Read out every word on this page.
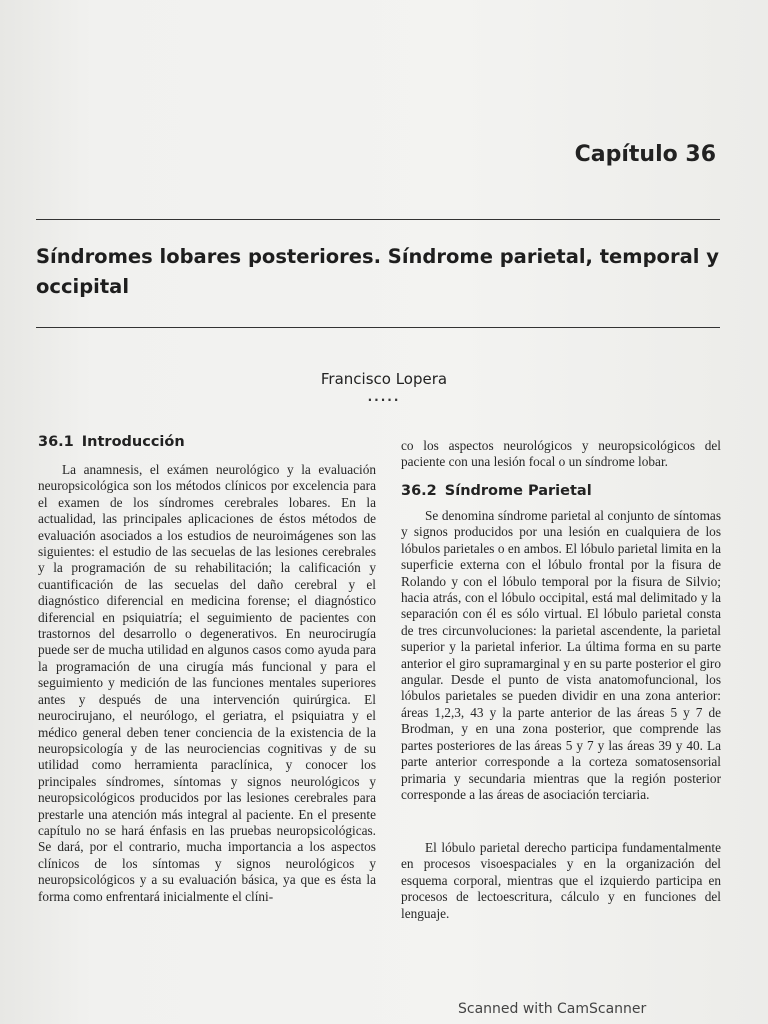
Capítulo 36
Síndromes lobares posteriores. Síndrome parietal, temporal y occipital
Francisco Lopera
.....
36.1 Introducción

La anamnesis, el exámen neurológico y la evaluación neuropsicológica son los métodos clínicos por excelencia para el examen de los síndromes cerebrales lobares. En la actualidad, las principales aplicaciones de éstos métodos de evaluación asociados a los estudios de neuroimágenes son las siguientes: el estudio de las secuelas de las lesiones cerebrales y la programación de su rehabilitación; la calificación y cuantificación de las secuelas del daño cerebral y el diagnóstico diferencial en medicina forense; el diagnóstico diferencial en psiquiatría; el seguimiento de pacientes con trastornos del desarrollo o degenerativos. En neurocirugía puede ser de mucha utilidad en algunos casos como ayuda para la programación de una cirugía más funcional y para el seguimiento y medición de las funciones mentales superiores antes y después de una intervención quirúrgica. El neurocirujano, el neurólogo, el geriatra, el psiquiatra y el médico general deben tener conciencia de la existencia de la neuropsicología y de las neurociencias cognitivas y de su utilidad como herramienta paraclínica, y conocer los principales síndromes, síntomas y signos neurológicos y neuropsicológicos producidos por las lesiones cerebrales para prestarle una atención más integral al paciente. En el presente capítulo no se hará énfasis en las pruebas neuropsicológicas. Se dará, por el contrario, mucha importancia a los aspectos clínicos de los síntomas y signos neurológicos y neuropsicológicos y a su evaluación básica, ya que es ésta la forma como enfrentará inicialmente el clíni-

co los aspectos neurológicos y neuropsicológicos del paciente con una lesión focal o un síndrome lobar.

36.2 Síndrome Parietal

Se denomina síndrome parietal al conjunto de síntomas y signos producidos por una lesión en cualquiera de los lóbulos parietales o en ambos. El lóbulo parietal limita en la superficie externa con el lóbulo frontal por la fisura de Rolando y con el lóbulo temporal por la fisura de Silvio; hacia atrás, con el lóbulo occipital, está mal delimitado y la separación con él es sólo virtual. El lóbulo parietal consta de tres circunvoluciones: la parietal ascendente, la parietal superior y la parietal inferior. La última forma en su parte anterior el giro supramarginal y en su parte posterior el giro angular. Desde el punto de vista anatomofuncional, los lóbulos parietales se pueden dividir en una zona anterior: áreas 1,2,3, 43 y la parte anterior de las áreas 5 y 7 de Brodman, y en una zona posterior, que comprende las partes posteriores de las áreas 5 y 7 y las áreas 39 y 40. La parte anterior corresponde a la corteza somatosensorial primaria y secundaria mientras que la región posterior corresponde a las áreas de asociación terciaria.

El lóbulo parietal derecho participa fundamentalmente en procesos visoespaciales y en la organización del esquema corporal, mientras que el izquierdo participa en procesos de lectoescritura, cálculo y en funciones del lenguaje.

Scanned with CamScanner
